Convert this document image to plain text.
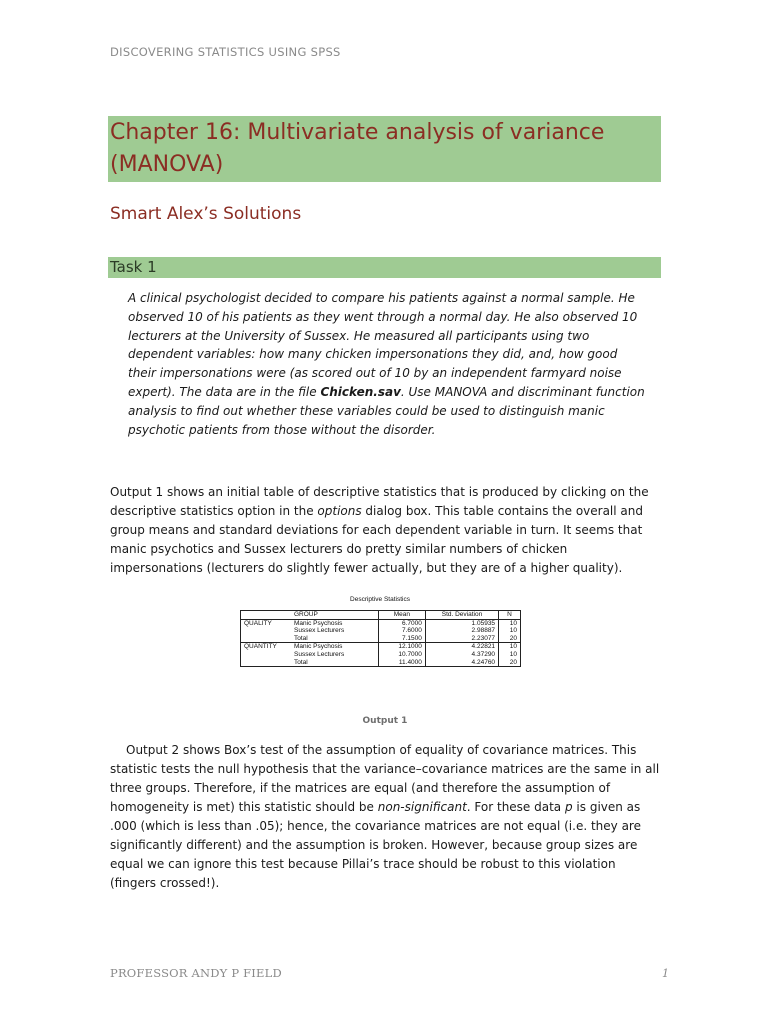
DISCOVERING STATISTICS USING SPSS
Chapter 16: Multivariate analysis of variance
(MANOVA)
Smart Alex’s Solutions
Task 1

A clinical psychologist decided to compare his patients against a normal sample. He observed 10 of his patients as they went through a normal day. He also observed 10 lecturers at the University of Sussex. He measured all participants using two dependent variables: how many chicken impersonations they did, and, how good their impersonations were (as scored out of 10 by an independent farmyard noise expert). The data are in the file Chicken.sav. Use MANOVA and discriminant function analysis to find out whether these variables could be used to distinguish manic psychotic patients from those without the disorder.

Output 1 shows an initial table of descriptive statistics that is produced by clicking on the descriptive statistics option in the options dialog box. This table contains the overall and group means and standard deviations for each dependent variable in turn. It seems that manic psychotics and Sussex lecturers do pretty similar numbers of chicken impersonations (lecturers do slightly fewer actually, but they are of a higher quality).

Descriptive Statistics
	GROUP	Mean	Std. Deviation	N
QUALITY	Manic Psychosis	6.7000	1.05935	10
	Sussex Lecturers	7.6000	2.98887	10
	Total	7.1500	2.23077	20
QUANTITY	Manic Psychosis	12.1000	4.22821	10
	Sussex Lecturers	10.7000	4.37290	10
	Total	11.4000	4.24760	20
Output 1

Output 2 shows Box’s test of the assumption of equality of covariance matrices. This statistic tests the null hypothesis that the variance–covariance matrices are the same in all three groups. Therefore, if the matrices are equal (and therefore the assumption of homogeneity is met) this statistic should be non-significant. For these data p is given as .000 (which is less than .05); hence, the covariance matrices are not equal (i.e. they are significantly different) and the assumption is broken. However, because group sizes are equal we can ignore this test because Pillai’s trace should be robust to this violation (fingers crossed!).

PROFESSOR ANDY P FIELD	1
